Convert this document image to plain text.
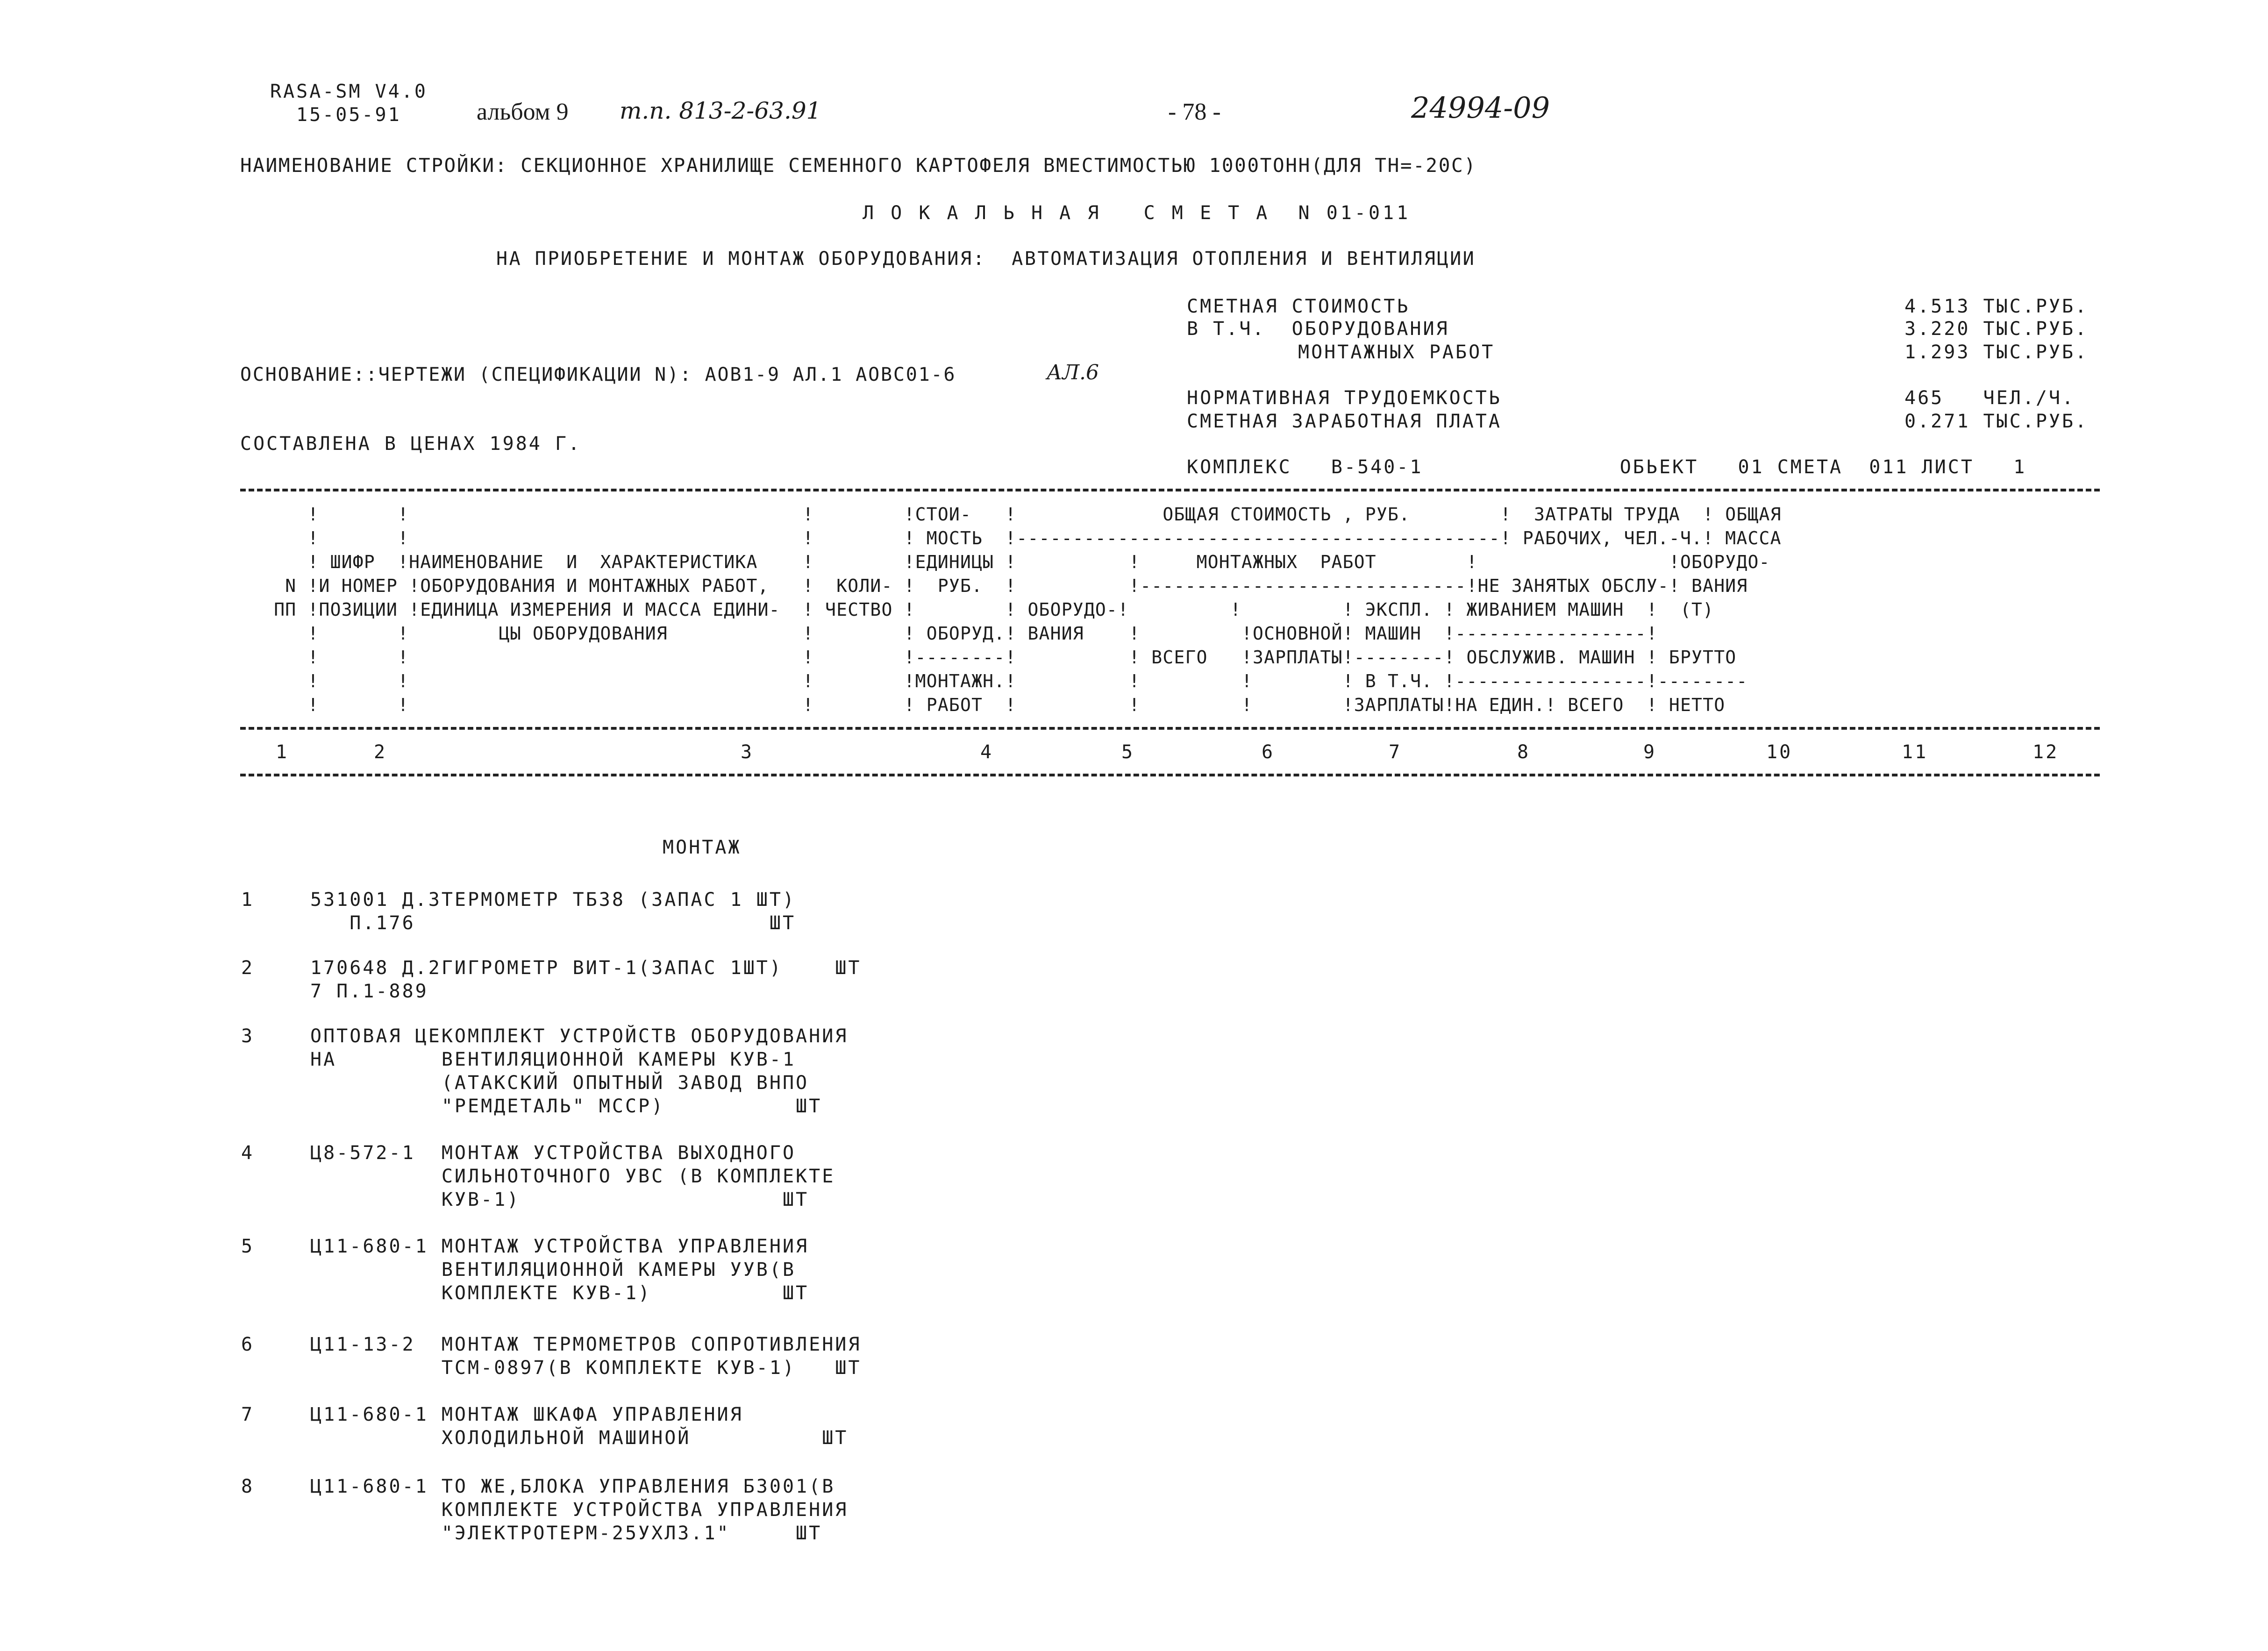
RASA-SM V4.0
15-05-91	альбом 9 т.п. 813-2-63.91	- 78 -	24994-09
НАИМЕНОВАНИЕ СТРОЙКИ: СЕКЦИОННОЕ ХРАНИЛИЩЕ СЕМЕННОГО КАРТОФЕЛЯ ВМЕСТИМОСТЬЮ 1000ТОНН(ДЛЯ ТН=-20С)
Л О К А Л Ь Н А Я   С М Е Т А  N 01-011
НА ПРИОБРЕТЕНИЕ И МОНТАЖ ОБОРУДОВАНИЯ:  АВТОМАТИЗАЦИЯ ОТОПЛЕНИЯ И ВЕНТИЛЯЦИИ
СМЕТНАЯ СТОИМОСТЬ	4.513 ТЫС.РУБ.
В Т.Ч.  ОБОРУДОВАНИЯ	3.220 ТЫС.РУБ.
МОНТАЖНЫХ РАБОТ	1.293 ТЫС.РУБ.
НОРМАТИВНАЯ ТРУДОЕМКОСТЬ	465   ЧЕЛ./Ч.
СМЕТНАЯ ЗАРАБОТНАЯ ПЛАТА	0.271 ТЫС.РУБ.
ОСНОВАНИЕ::ЧЕРТЕЖИ (СПЕЦИФИКАЦИИ N): АОВ1-9 АЛ.1 АОВС01-6	АЛ.6
СОСТАВЛЕНА В ЦЕНАХ 1984 Г.
КОМПЛЕКС   В-540-1               ОБЬЕКТ   01 СМЕТА  011 ЛИСТ   1
!       !                                   !        !СТОИ-   !             ОБЩАЯ СТОИМОСТЬ , РУБ.        !  ЗАТРАТЫ ТРУДА  ! ОБЩАЯ
!       !                                   !        ! МОСТЬ  !-------------------------------------------! РАБОЧИХ, ЧЕЛ.-Ч.! МАССА
! ШИФР  !НАИМЕНОВАНИЕ  И  ХАРАКТЕРИСТИКА    !        !ЕДИНИЦЫ !          !     МОНТАЖНЫХ  РАБОТ        !                 !ОБОРУДО-
N !И НОМЕР !ОБОРУДОВАНИЯ И МОНТАЖНЫХ РАБОТ,   !  КОЛИ- !  РУБ.  !          !-----------------------------!НЕ ЗАНЯТЫХ ОБСЛУ-! ВАНИЯ
ПП !ПОЗИЦИИ !ЕДИНИЦА ИЗМЕРЕНИЯ И МАССА ЕДИНИ-  ! ЧЕСТВО !        ! ОБОРУДО-!         !         ! ЭКСПЛ. ! ЖИВАНИЕМ МАШИН  !  (Т)
!       !        ЦЫ ОБОРУДОВАНИЯ            !        ! ОБОРУД.! ВАНИЯ    !         !ОСНОВНОЙ! МАШИН  !-----------------!
!       !                                   !        !--------!          ! ВСЕГО   !ЗАРПЛАТЫ!--------! ОБСЛУЖИВ. МАШИН ! БРУТТО
!       !                                   !        !МОНТАЖН.!          !         !        ! В Т.Ч. !-----------------!--------
!       !                                   !        ! РАБОТ  !          !         !        !ЗАРПЛАТЫ!НА ЕДИН.! ВСЕГО  ! НЕТТО
1	2	3	4	5	6	7	8	9	10	11	12
МОНТАЖ
1	531001 Д.3ТЕРМОМЕТР ТБ38 (ЗАПАС 1 ШТ)
П.176                           ШТ
2	170648 Д.2ГИГРОМЕТР ВИТ-1(ЗАПАС 1ШТ)    ШТ
7 П.1-889
3	ОПТОВАЯ ЦЕКОМПЛЕКТ УСТРОЙСТВ ОБОРУДОВАНИЯ
НА        ВЕНТИЛЯЦИОННОЙ КАМЕРЫ КУВ-1
(АТАКСКИЙ ОПЫТНЫЙ ЗАВОД ВНПО
"РЕМДЕТАЛЬ" МССР)          ШТ
4	Ц8-572-1  МОНТАЖ УСТРОЙСТВА ВЫХОДНОГО
СИЛЬНОТОЧНОГО УВС (В КОМПЛЕКТЕ
КУВ-1)                    ШТ
5	Ц11-680-1 МОНТАЖ УСТРОЙСТВА УПРАВЛЕНИЯ
ВЕНТИЛЯЦИОННОЙ КАМЕРЫ УУВ(В
КОМПЛЕКТЕ КУВ-1)          ШТ
6	Ц11-13-2  МОНТАЖ ТЕРМОМЕТРОВ СОПРОТИВЛЕНИЯ
ТСМ-0897(В КОМПЛЕКТЕ КУВ-1)   ШТ
7	Ц11-680-1 МОНТАЖ ШКАФА УПРАВЛЕНИЯ
ХОЛОДИЛЬНОЙ МАШИНОЙ          ШТ
8	Ц11-680-1 ТО ЖЕ,БЛОКА УПРАВЛЕНИЯ Б3001(В
КОМПЛЕКТЕ УСТРОЙСТВА УПРАВЛЕНИЯ
"ЭЛЕКТРОТЕРМ-25УХЛ3.1"     ШТ
